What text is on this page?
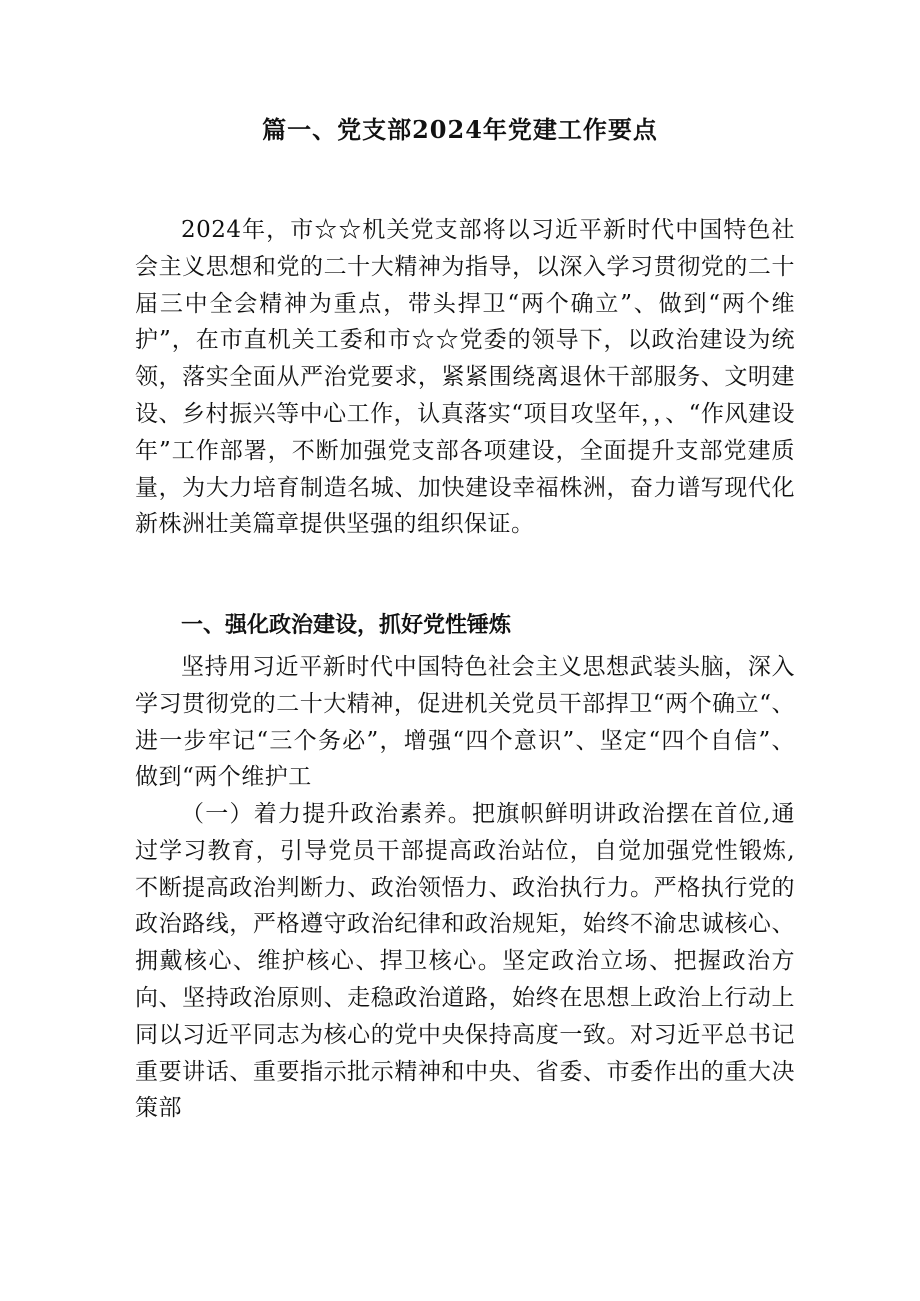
篇一、党支部2024年党建工作要点

2024年，市☆☆机关党支部将以习近平新时代中国特色社会主义思想和党的二十大精神为指导，以深入学习贯彻党的二十届三中全会精神为重点，带头捍卫“两个确立”、做到“两个维护”，在市直机关工委和市☆☆党委的领导下，以政治建设为统领，落实全面从严治党要求，紧紧围绕离退休干部服务、文明建设、乡村振兴等中心工作，认真落实“项目攻坚年，，、“作风建设年”工作部署，不断加强党支部各项建设，全面提升支部党建质量，为大力培育制造名城、加快建设幸福株洲，奋力谱写现代化新株洲壮美篇章提供坚强的组织保证。

一、强化政治建设，抓好党性锤炼

坚持用习近平新时代中国特色社会主义思想武装头脑，深入学习贯彻党的二十大精神，促进机关党员干部捍卫“两个确立“、进一步牢记“三个务必”，增强“四个意识”、坚定“四个自信”、做到“两个维护工

（一）着力提升政治素养。把旗帜鲜明讲政治摆在首位,通过学习教育，引导党员干部提高政治站位，自觉加强党性锻炼,不断提高政治判断力、政治领悟力、政治执行力。严格执行党的政治路线，严格遵守政治纪律和政治规矩，始终不渝忠诚核心、拥戴核心、维护核心、捍卫核心。坚定政治立场、把握政治方向、坚持政治原则、走稳政治道路，始终在思想上政治上行动上同以习近平同志为核心的党中央保持高度一致。对习近平总书记重要讲话、重要指示批示精神和中央、省委、市委作出的重大决策部
